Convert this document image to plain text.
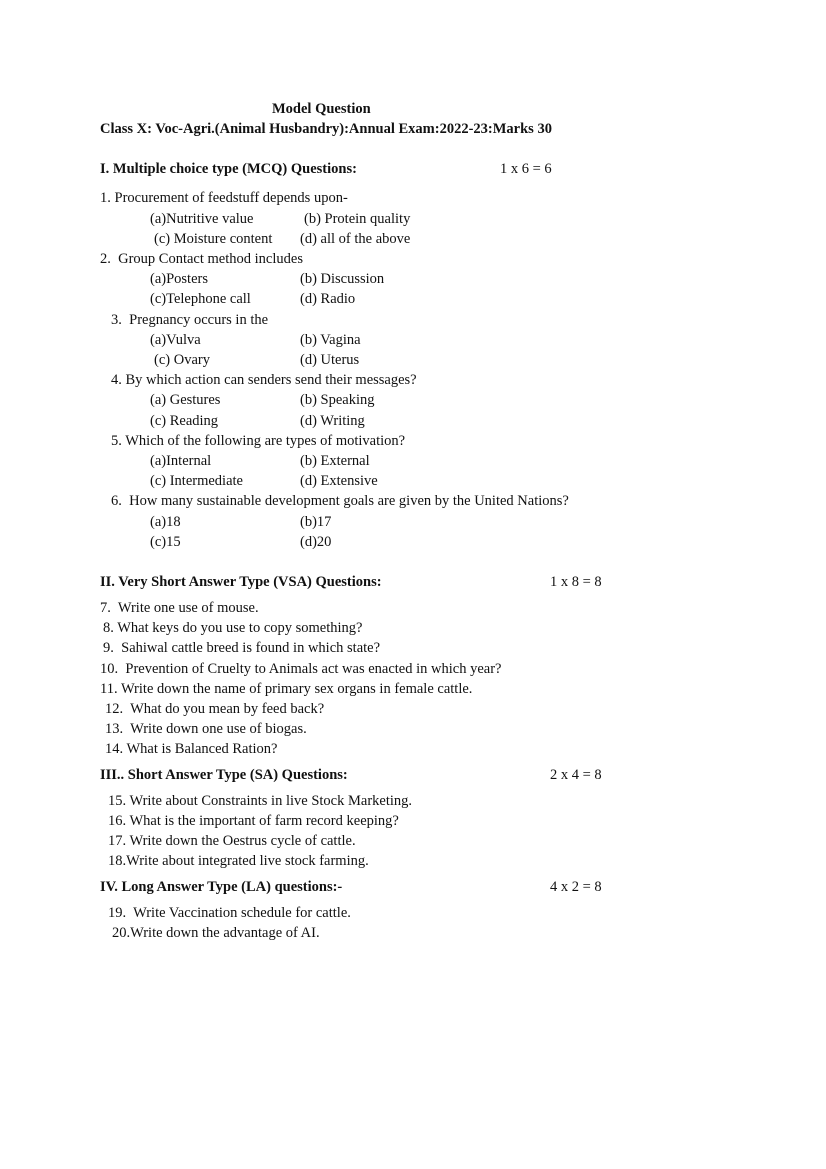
Model Question
Class X: Voc-Agri.(Animal Husbandry):Annual Exam:2022-23:Marks 30
I. Multiple choice type (MCQ) Questions:	1 x 6 = 6
1. Procurement of feedstuff depends upon-
(a)Nutritive value	(b) Protein quality
(c) Moisture content (d) all of the above
2.  Group Contact method includes
(a)Posters	(b) Discussion
(c)Telephone call	(d) Radio
3.  Pregnancy occurs in the
(a)Vulva	(b) Vagina
(c) Ovary	(d) Uterus
4. By which action can senders send their messages?
(a) Gestures	(b) Speaking
(c) Reading	(d) Writing
5. Which of the following are types of motivation?
(a)Internal	(b) External
(c) Intermediate	(d) Extensive
6.  How many sustainable development goals are given by the United Nations?
(a)18	(b)17
(c)15	(d)20
II. Very Short Answer Type (VSA) Questions:	1 x 8 = 8
7.  Write one use of mouse.
8. What keys do you use to copy something?
9.  Sahiwal cattle breed is found in which state?
10.  Prevention of Cruelty to Animals act was enacted in which year?
11. Write down the name of primary sex organs in female cattle.
12.  What do you mean by feed back?
13.  Write down one use of biogas.
14. What is Balanced Ration?
III.. Short Answer Type (SA) Questions:	2 x 4 = 8
15. Write about Constraints in live Stock Marketing.
16. What is the important of farm record keeping?
17. Write down the Oestrus cycle of cattle.
18.Write about integrated live stock farming.
IV. Long Answer Type (LA) questions:-	4 x 2 = 8
19.  Write Vaccination schedule for cattle.
20.Write down the advantage of AI.
